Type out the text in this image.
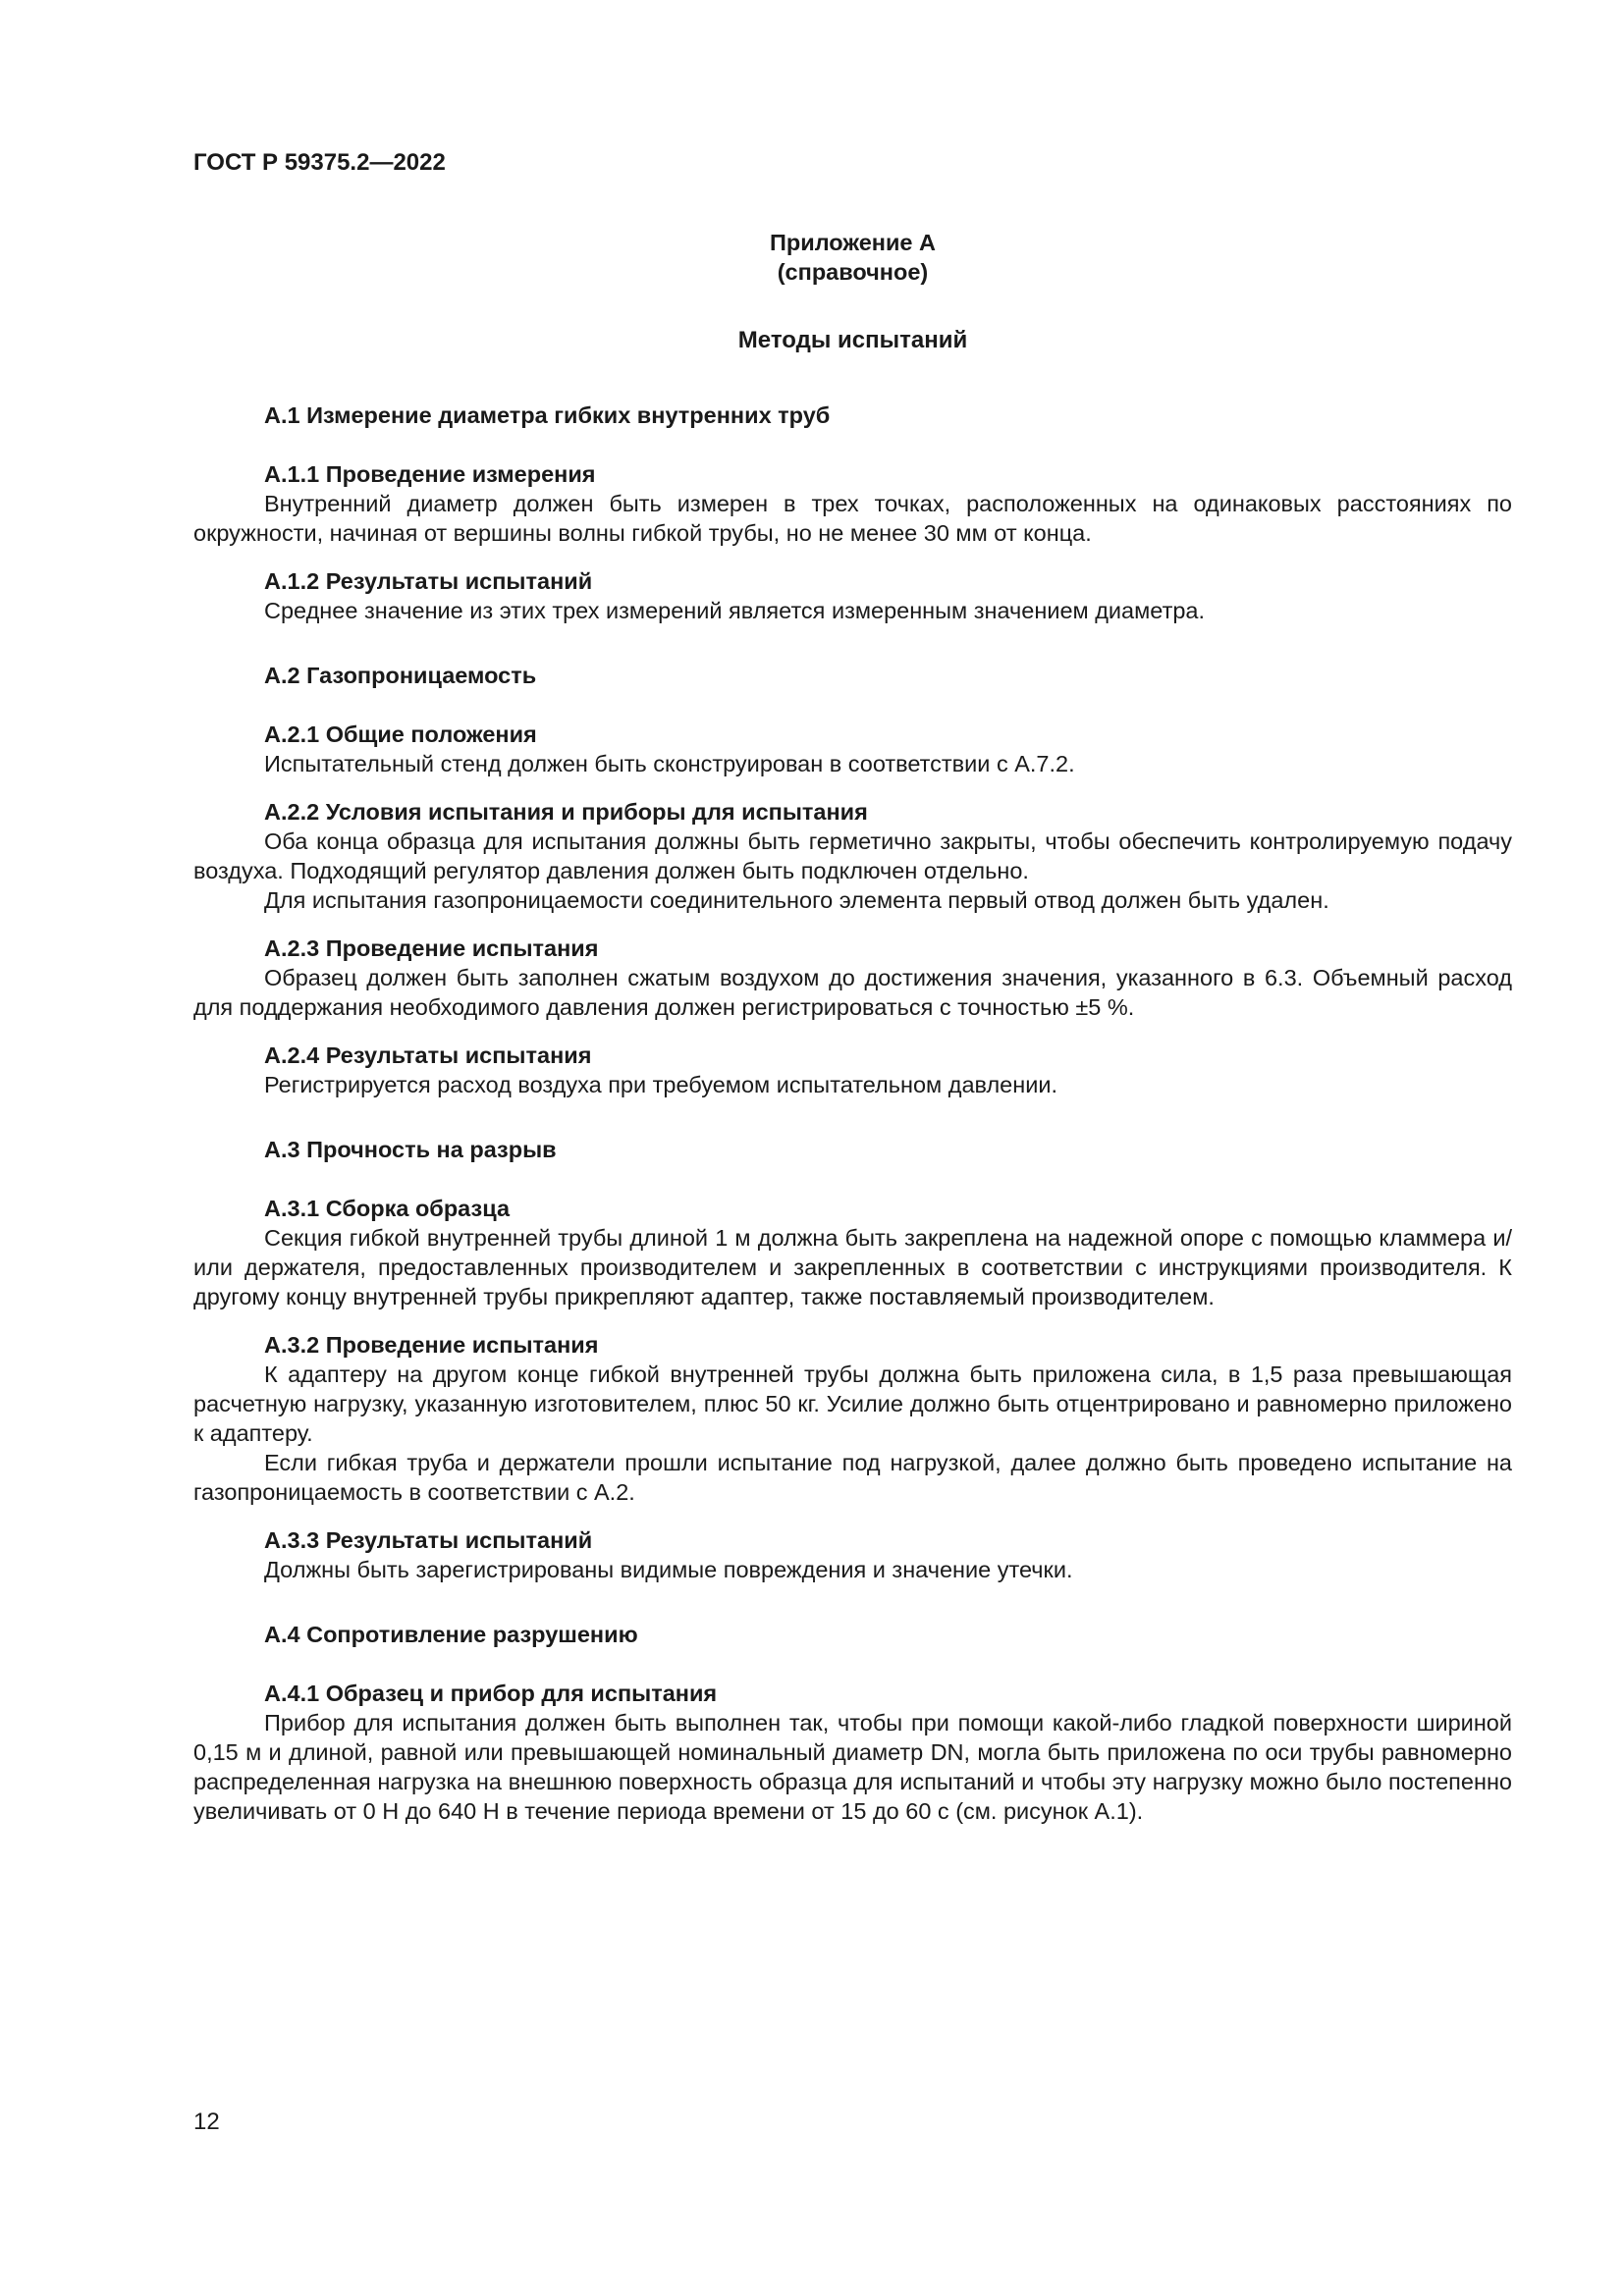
ГОСТ Р 59375.2—2022

Приложение А

(справочное)

Методы испытаний

А.1 Измерение диаметра гибких внутренних труб
А.1.1 Проведение измерения

Внутренний диаметр должен быть измерен в трех точках, расположенных на одинаковых расстояниях по окружности, начиная от вершины волны гибкой трубы, но не менее 30 мм от конца.

А.1.2 Результаты испытаний

Среднее значение из этих трех измерений является измеренным значением диаметра.

А.2 Газопроницаемость
А.2.1 Общие положения

Испытательный стенд должен быть сконструирован в соответствии с А.7.2.

А.2.2 Условия испытания и приборы для испытания

Оба конца образца для испытания должны быть герметично закрыты, чтобы обеспечить контролируемую подачу воздуха. Подходящий регулятор давления должен быть подключен отдельно.

Для испытания газопроницаемости соединительного элемента первый отвод должен быть удален.

А.2.3 Проведение испытания

Образец должен быть заполнен сжатым воздухом до достижения значения, указанного в 6.3. Объемный расход для поддержания необходимого давления должен регистрироваться с точностью ±5 %.

А.2.4 Результаты испытания

Регистрируется расход воздуха при требуемом испытательном давлении.

А.3 Прочность на разрыв
А.3.1 Сборка образца

Секция гибкой внутренней трубы длиной 1 м должна быть закреплена на надежной опоре с помощью кламмера и/или держателя, предоставленных производителем и закрепленных в соответствии с инструкциями производителя. К другому концу внутренней трубы прикрепляют адаптер, также поставляемый производителем.

А.3.2 Проведение испытания

К адаптеру на другом конце гибкой внутренней трубы должна быть приложена сила, в 1,5 раза превышающая расчетную нагрузку, указанную изготовителем, плюс 50 кг. Усилие должно быть отцентрировано и равномерно приложено к адаптеру.

Если гибкая труба и держатели прошли испытание под нагрузкой, далее должно быть проведено испытание на газопроницаемость в соответствии с А.2.

А.3.3 Результаты испытаний

Должны быть зарегистрированы видимые повреждения и значение утечки.

А.4 Сопротивление разрушению
А.4.1 Образец и прибор для испытания

Прибор для испытания должен быть выполнен так, чтобы при помощи какой-либо гладкой поверхности шириной 0,15 м и длиной, равной или превышающей номинальный диаметр DN, могла быть приложена по оси трубы равномерно распределенная нагрузка на внешнюю поверхность образца для испытаний и чтобы эту нагрузку можно было постепенно увеличивать от 0 Н до 640 Н в течение периода времени от 15 до 60 с (см. рисунок А.1).

12
